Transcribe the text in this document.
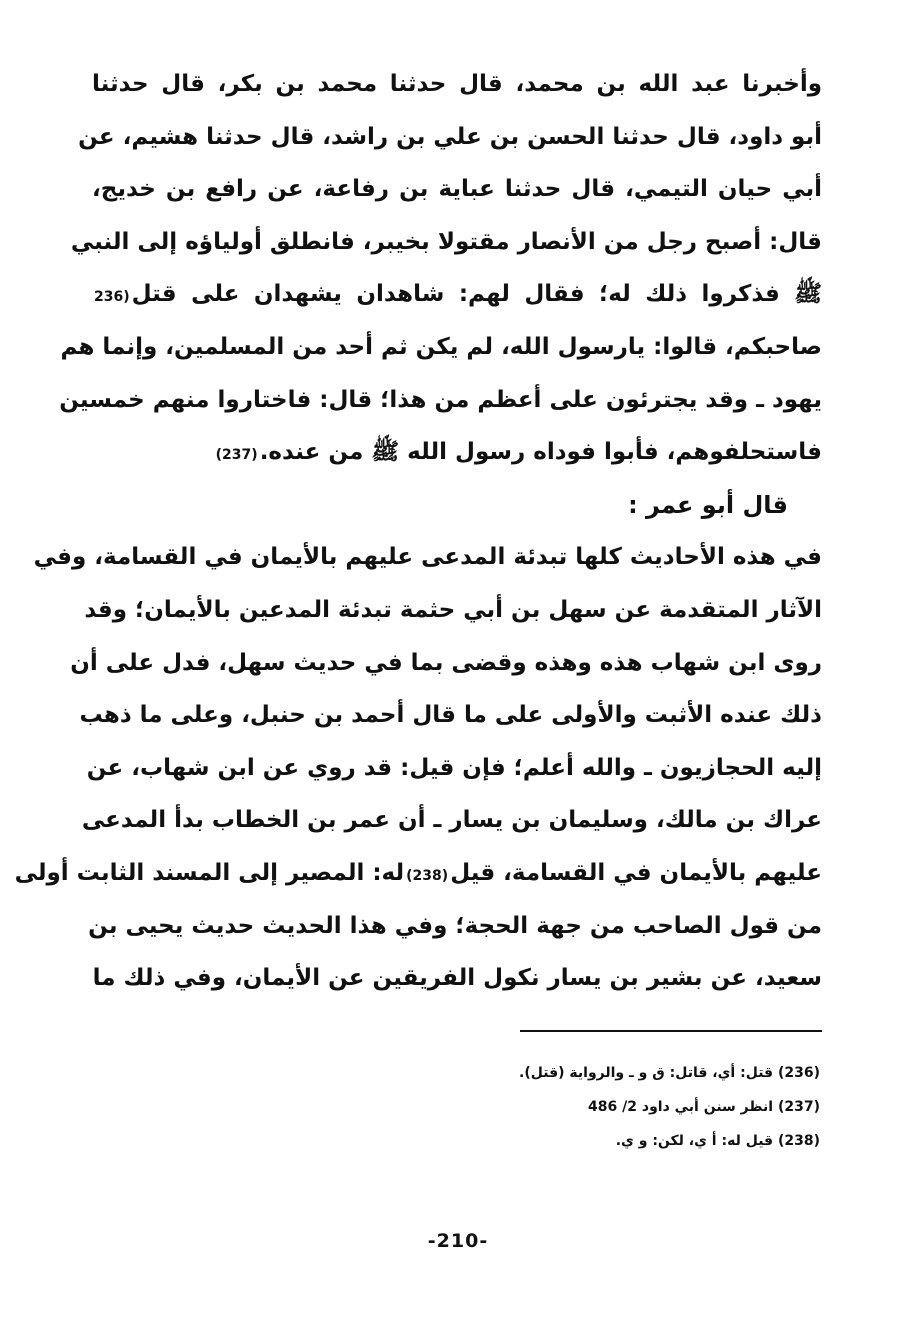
وأخبرنا عبد الله بن محمد، قال حدثنا محمد بن بكر، قال حدثنا
أبو داود، قال حدثنا الحسن بن علي بن راشد، قال حدثنا هشيم، عن
أبي حيان التيمي، قال حدثنا عباية بن رفاعة، عن رافع بن خديج،
قال: أصبح رجل من الأنصار مقتولا بخيبر، فانطلق أولياؤه إلى النبي
ﷺ فذكروا ذلك له؛ فقال لهم: شاهدان يشهدان على قتل(236
صاحبكم، قالوا: يارسول الله، لم يكن ثم أحد من المسلمين، وإنما هم
يهود ـ وقد يجترئون على أعظم من هذا؛ قال: فاختاروا منهم خمسين
فاستحلفوهم، فأبوا فوداه رسول الله ﷺ من عنده.(237)
قال أبو عمر :
في هذه الأحاديث كلها تبدئة المدعى عليهم بالأيمان في القسامة، وفي
الآثار المتقدمة عن سهل بن أبي حثمة تبدئة المدعين بالأيمان؛ وقد
روى ابن شهاب هذه وهذه وقضى بما في حديث سهل، فدل على أن
ذلك عنده الأثبت والأولى على ما قال أحمد بن حنبل، وعلى ما ذهب
إليه الحجازيون ـ والله أعلم؛ فإن قيل: قد روي عن ابن شهاب، عن
عراك بن مالك، وسليمان بن يسار ـ أن عمر بن الخطاب بدأ المدعى
عليهم بالأيمان في القسامة، قيل(238)له: المصير إلى المسند الثابت أولى
من قول الصاحب من جهة الحجة؛ وفي هذا الحديث حديث يحيى بن
سعيد، عن بشير بن يسار نكول الفريقين عن الأيمان، وفي ذلك ما
(236) قتل: أي، قاتل: ق و ـ والرواية (قتل).
(237) انظر سنن أبي داود 2/ 486
(238) قيل له: أ ي، لكن: و ي.
-210-
